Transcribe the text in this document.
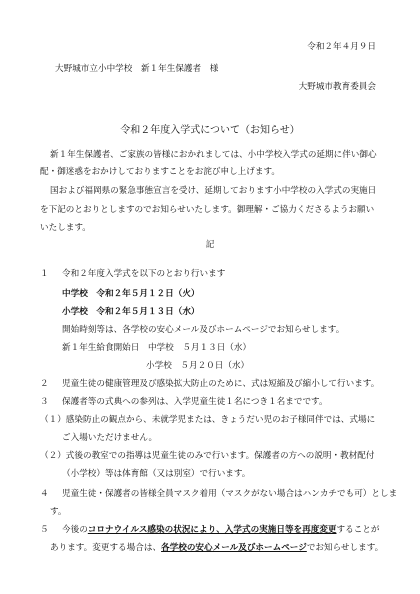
令和２年４月９日
大野城市立小中学校　新１年生保護者　様
大野城市教育委員会
令和２年度入学式について（お知らせ）
新１年生保護者、ご家族の皆様におかれましては、小中学校入学式の延期に伴い御心
配・御迷惑をおかけしておりますことをお詫び申し上げます。
国および福岡県の緊急事態宣言を受け、延期しております小中学校の入学式の実施日
を下記のとおりとしますのでお知らせいたします。御理解・ご協力くださるようお願い
いたします。
記
１ 令和２年度入学式を以下のとおり行います
中学校　令和２年５月１２日（火）
小学校　令和２年５月１３日（水）
開始時刻等は、各学校の安心メール及びホームページでお知らせします。
新１年生給食開始日　中学校　５月１３日（水）
小学校　５月２０日（水）
２ 児童生徒の健康管理及び感染拡大防止のために、式は短縮及び縮小して行います。
３ 保護者等の式典への参列は、入学児童生徒１名につき１名までです。
（１）感染防止の観点から、未就学児または、きょうだい児のお子様同伴では、式場に
ご入場いただけません。
（２）式後の教室での指導は児童生徒のみで行います。保護者の方への説明・教材配付
（小学校）等は体育館（又は別室）で行います。
４ 児童生徒・保護者の皆様全員マスク着用（マスクがない場合はハンカチでも可）としま
す。
５ 今後のコロナウイルス感染の状況により、入学式の実施日等を再度変更することが
あります。変更する場合は、各学校の安心メール及びホームページでお知らせします。
